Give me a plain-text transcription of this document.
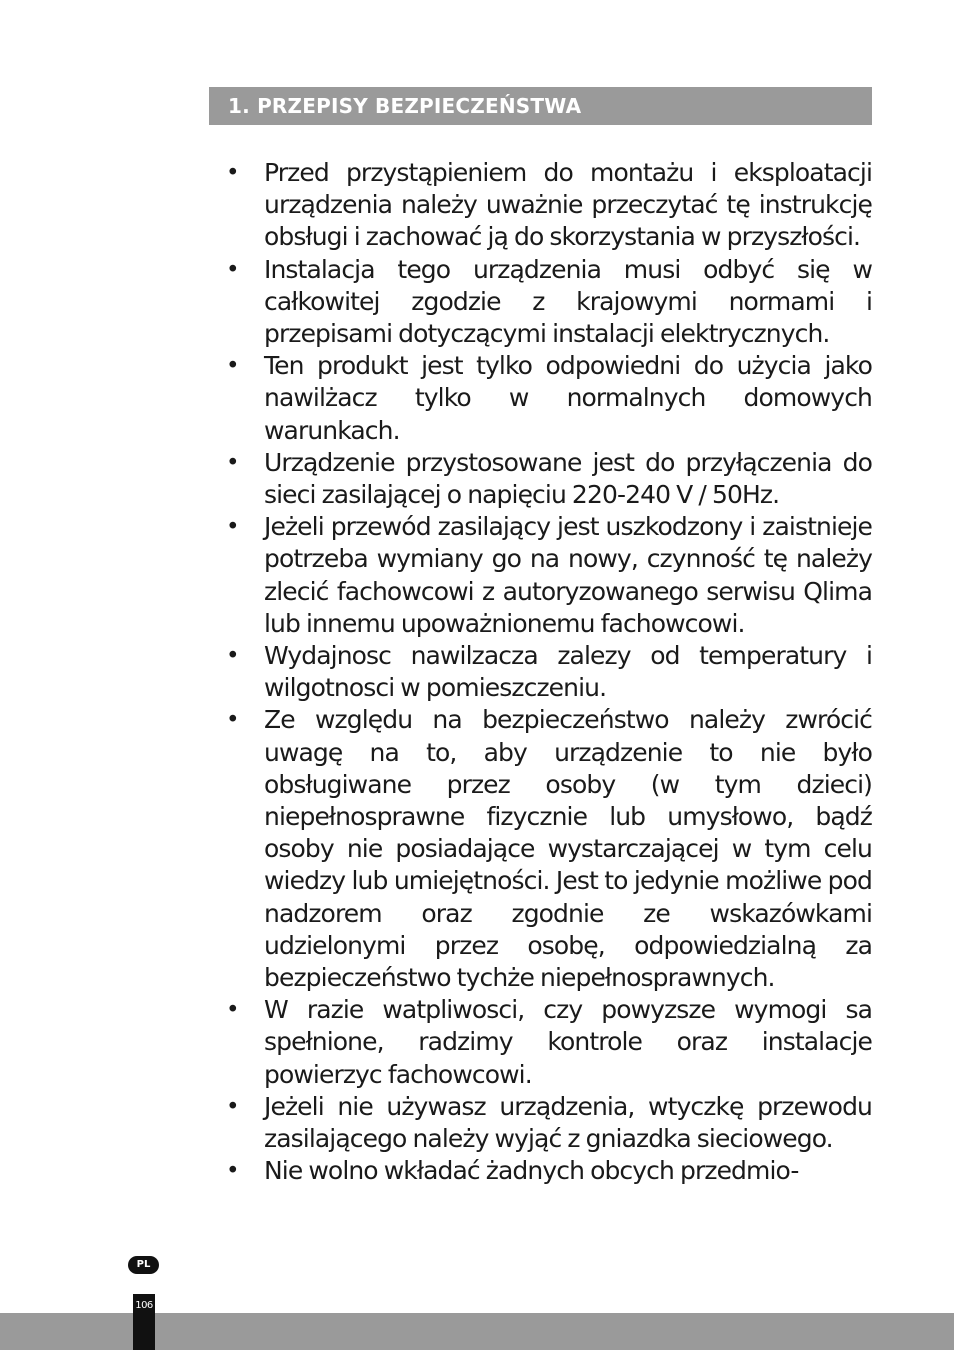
1. PRZEPISY BEZPIECZEŃSTWA
• Przed przystąpieniem do montażu i eksploatacji urządzenia należy uważnie przeczytać tę instrukcję obsługi i zachować ją do skorzystania w przyszłości.
• Instalacja tego urządzenia musi odbyć się w całkowitej zgodzie z krajowymi normami i przepisami dotyczącymi instalacji elektrycznych.
• Ten produkt jest tylko odpowiedni do użycia jako nawilżacz tylko w normalnych domowych warunkach.
• Urządzenie przystosowane jest do przyłączenia do sieci zasilającej o napięciu 220-240 V / 50Hz.
• Jeżeli przewód zasilający jest uszkodzony i zaistnieje potrzeba wymiany go na nowy, czynność tę należy zlecić fachowcowi z autoryzowanego serwisu Qlima lub innemu upoważnionemu fachowcowi.
• Wydajnosc nawilzacza zalezy od temperatury i wilgotnosci w pomieszczeniu.
• Ze względu na bezpieczeństwo należy zwrócić uwagę na to, aby urządzenie to nie było obsługiwane przez osoby (w tym dzieci) niepełnosprawne fizycznie lub umysłowo, bądź osoby nie posiadające wystarczającej w tym celu wiedzy lub umiejętności. Jest to jedynie możliwe pod nadzorem oraz zgodnie ze wskazówkami udzielonymi przez osobę, odpowiedzialną za bezpieczeństwo tychże niepełnosprawnych.
• W razie watpliwosci, czy powyzsze wymogi sa spełnione, radzimy kontrole oraz instalacje powierzyc fachowcowi.
• Jeżeli nie używasz urządzenia, wtyczkę przewodu zasilającego należy wyjąć z gniazdka sieciowego.
• Nie wolno wkładać żadnych obcych przedmio-
PL
106
